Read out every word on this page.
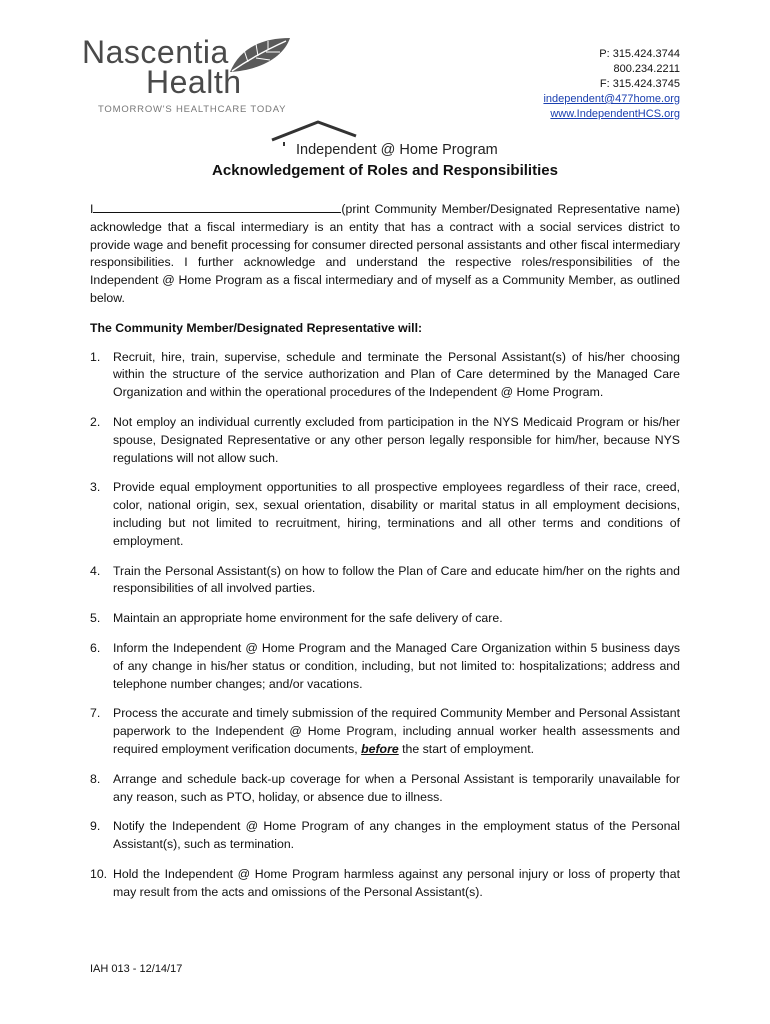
Nascentia
Health
TOMORROW'S HEALTHCARE TODAY
P: 315.424.3744
800.234.2211
F: 315.424.3745
independent@477home.org
www.IndependentHCS.org
Independent @ Home Program
Acknowledgement of Roles and Responsibilities

I	(print Community Member/Designated Representative name) acknowledge that a fiscal intermediary is an entity that has a contract with a social services district to provide wage and benefit processing for consumer directed personal assistants and other fiscal intermediary responsibilities. I further acknowledge and understand the respective roles/responsibilities of the Independent @ Home Program as a fiscal intermediary and of myself as a Community Member, as outlined below.

The Community Member/Designated Representative will:

1. Recruit, hire, train, supervise, schedule and terminate the Personal Assistant(s) of his/her choosing within the structure of the service authorization and Plan of Care determined by the Managed Care Organization and within the operational procedures of the Independent @ Home Program.
2. Not employ an individual currently excluded from participation in the NYS Medicaid Program or his/her spouse, Designated Representative or any other person legally responsible for him/her, because NYS regulations will not allow such.
3. Provide equal employment opportunities to all prospective employees regardless of their race, creed, color, national origin, sex, sexual orientation, disability or marital status in all employment decisions, including but not limited to recruitment, hiring, terminations and all other terms and conditions of employment.
4. Train the Personal Assistant(s) on how to follow the Plan of Care and educate him/her on the rights and responsibilities of all involved parties.
5. Maintain an appropriate home environment for the safe delivery of care.
6. Inform the Independent @ Home Program and the Managed Care Organization within 5 business days of any change in his/her status or condition, including, but not limited to: hospitalizations; address and telephone number changes; and/or vacations.
7. Process the accurate and timely submission of the required Community Member and Personal Assistant paperwork to the Independent @ Home Program, including annual worker health assessments and required employment verification documents, before the start of employment.
8. Arrange and schedule back-up coverage for when a Personal Assistant is temporarily unavailable for any reason, such as PTO, holiday, or absence due to illness.
9. Notify the Independent @ Home Program of any changes in the employment status of the Personal Assistant(s), such as termination.
10. Hold the Independent @ Home Program harmless against any personal injury or loss of property that may result from the acts and omissions of the Personal Assistant(s).
IAH 013 - 12/14/17
